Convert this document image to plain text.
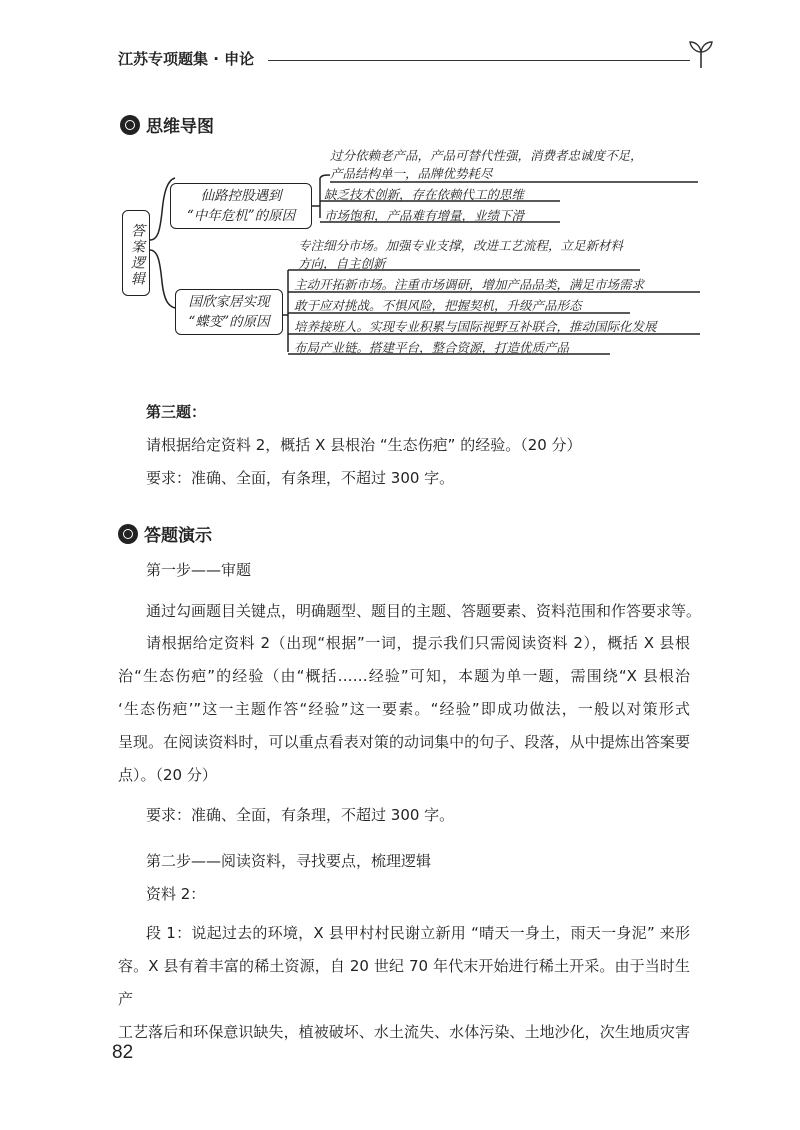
江苏专项题集 · 申论
思维导图
答案逻辑
仙路控股遇到
“中年危机”的原因
过分依赖老产品，产品可替代性强，消费者忠诚度不足，
产品结构单一，品牌优势耗尽
缺乏技术创新，存在依赖代工的思维
市场饱和，产品难有增量，业绩下滑
国欣家居实现
“蝶变”的原因
专注细分市场。加强专业支撑，改进工艺流程，立足新材料
方向，自主创新
主动开拓新市场。注重市场调研，增加产品品类，满足市场需求
敢于应对挑战。不惧风险，把握契机，升级产品形态
培养接班人。实现专业积累与国际视野互补联合，推动国际化发展
布局产业链。搭建平台，整合资源，打造优质产品
第三题：
请根据给定资料 2，概括 X 县根治 “生态伤疤” 的经验。（20 分）
要求：准确、全面，有条理，不超过 300 字。
答题演示
第一步——审题
通过勾画题目关键点，明确题型、题目的主题、答题要素、资料范围和作答要求等。
请根据给定资料 2（出现“根据”一词，提示我们只需阅读资料 2），概括 X 县根
治“生态伤疤”的经验（由“概括……经验”可知，本题为单一题，需围绕“X 县根治
‘生态伤疤’”这一主题作答“经验”这一要素。“经验”即成功做法，一般以对策形式
呈现。在阅读资料时，可以重点看表对策的动词集中的句子、段落，从中提炼出答案要
点）。（20 分）
要求：准确、全面，有条理，不超过 300 字。
第二步——阅读资料，寻找要点，梳理逻辑
资料 2：
段 1：说起过去的环境，X 县甲村村民谢立新用 “晴天一身土，雨天一身泥” 来形
容。X 县有着丰富的稀土资源，自 20 世纪 70 年代末开始进行稀土开采。由于当时生产
工艺落后和环保意识缺失，植被破坏、水土流失、水体污染、土地沙化，次生地质灾害
82
